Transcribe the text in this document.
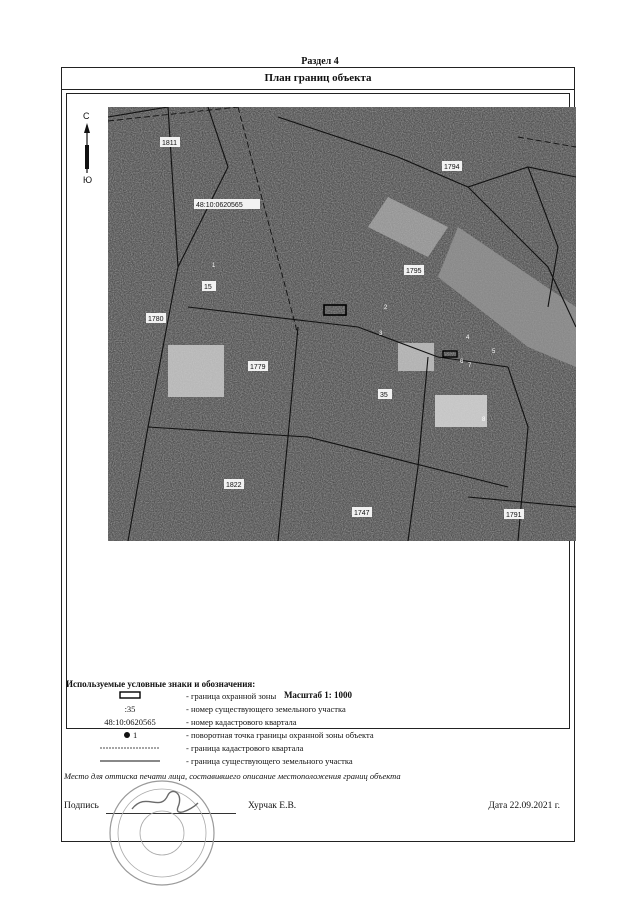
Раздел 4
План границ объекта
С
Ю
1811
1794
1795
1780
1779
1822
1747	1791
35
15
48:10:0620565
1
2
3
4
5
6
7
8
Масштаб 1: 1000
Используемые условные знаки и обозначения:
- граница охранной зоны
:35	- номер существующего земельного участка
48:10:0620565	- номер кадастрового квартала
1	- поворотная точка границы охранной зоны объекта
- граница кадастрового квартала
- граница существующего земельного участка
Место для оттиска печати лица, составившего описание местоположения границ объекта
Подпись	Хурчак Е.В.	Дата 22.09.2021 г.
